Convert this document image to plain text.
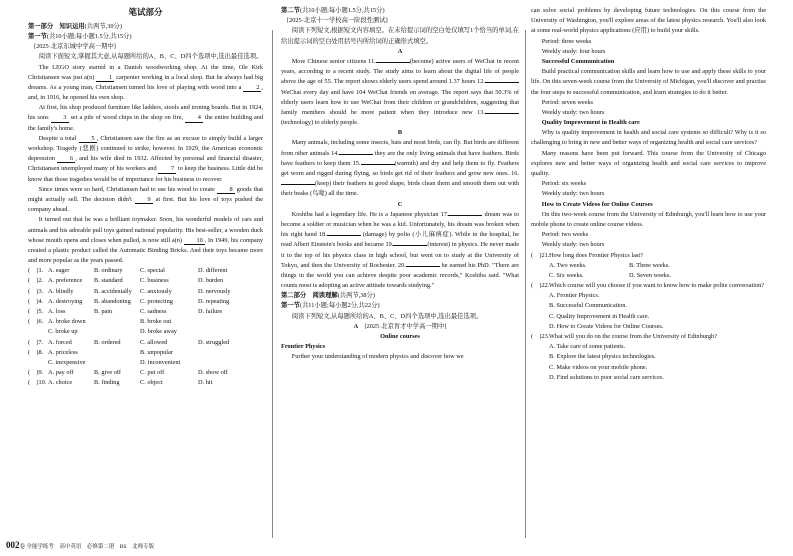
笔试部分

第一部分　知识运用(共两节,30分)

第一节(共10小题;每小题1.5分,共15分)

[2025·北京东城中学高一期中]

阅读下面短文,掌握其大意,从每题所给的A、B、C、D四个选项中,选出最佳选项。

The LEGO story started in a Danish woodworking shop. At the time, Ole Kirk Christiansen was just a(n) 1 carpenter working in a local shop. But he always had big dreams. As a young man, Christiansen turned his love of playing with wood into a 2 , and, in 1916, he opened his own shop.

At first, his shop produced furniture like ladders, stools and ironing boards. But in 1924, his sons 3 set a pile of wood chips in the shop on fire, 4 the entire building and the family's home.

Despite a total 5 , Christiansen saw the fire as an excuse to simply build a larger workshop. Tragedy (悲剧) continued to strike, however. In 1929, the American economic depression 6 , and his wife died in 1932. Affected by personal and financial disaster, Christiansen unemployed many of his workers and 7 to keep the business. Little did he know that those tragedies would be of importance for his business to recover.

Since times were so hard, Christiansen had to use his wood to create 8 goods that might actually sell. The decision didn't 9 at first. But his love of toys pushed the company ahead.

It turned out that he was a brilliant toymaker. Soon, his wonderful models of cars and animals and his adorable pull toys gained national popularity. His best-seller, a wooden duck whose mouth opens and closes when pulled, is now still a(n) 10 . In 1949, his company created a plastic product called the Automatic Binding Bricks. And their toys became more and more popular as the years passed.

(　)1. A. eager	B. ordinary	C. special	D. different
(　)2. A. preference	B. standard	C. business	D. burden
(　)3. A. blindly	B. accidentally	C. anxiously	D. nervously
(　)4. A. destroying	B. abandoning	C. protecting	D. repeating
(　)5. A. loss	B. pain	C. sadness	D. failure
(　)6. A. broke down	B. broke out
C. broke up	D. broke away
(　)7. A. forced	B. ordered	C. allowed	D. struggled
(　)8. A. priceless	B. unpopular
C. inexpensive	D. inconvenient
(　)9. A. pay off	B. give off	C. put off	D. show off
(　)10. A. choice	B. finding	C. object	D. hit

第二节(共10小题;每小题1.5分,共15分)

[2025·北京十一学校高一阶段性测试]

阅读下列短文,根据短文内容填空。在未给提示词的空白处仅填写1个恰当的单词,在给出提示词的空白处用括号内所给词的正确形式填空。

A

More Chinese senior citizens 11.	(become) active users of WeChat in recent years, according to a recent study. The study aims to learn about the digital life of people above the age of 55. The report shows elderly users spend around 1.37 hours 12. WeChat every day and have 104 WeChat friends on average. The report says that 50.3% of elderly users learn how to use WeChat from their children or grandchildren, suggesting that family members should be more patient when they introduce new 13.(technology) to elderly people.

B

Many animals, including some insects, bats and most birds, can fly. But birds are different from other animals 14.	they are the only living animals that have feathers. Birds have feathers to keep them 15.	(warmth) and dry and help them to fly. Feathers get worn and rigged during flying, so birds get rid of their feathers and grow new ones. 16.(keep) their feathers in good shape, birds clean them and smooth them out with their beaks (鸟喙) all the time.

C

Koshiba had a legendary life. He is a Japanese physician 17.	dream was to become a soldier or musician when he was a kid. Unfortunately, his dream was broken when his right hand 18.	(damage) by polio (小儿麻痹症). While in the hospital, he read Albert Einstein's books and became 19.	(interest) in physics. He never made it to the top of his physics class in high school, but went on to study at the University of Tokyo, and then the University of Rochester. 20.	he earned his PhD. "There are things in the world you can achieve despite poor academic records," Koshiba said. "What counts most is adopting an active attitude towards studying."

第二部分　阅读理解(共两节,38分)

第一节(共11小题;每小题2分,共22分)

阅读下列短文,从每题所给的A、B、C、D四个选项中,选出最佳选项。

A　 [2025·北京育才中学高一期中]

Online courses

Frontier Physics

Further your understanding of modern physics and discover how we

can solve social problems by developing future technologies. On this course from the University of Washington, you'll explore areas of the latest physics research. You'll also look at some real-world physics applications (应用) to build your skills.

Period: three weeks

Weekly study: four hours

Successful Communication

Build practical communication skills and learn how to use and apply these skills to your life. On this seven-week course from the University of Michigan, you'll discover and practise the four steps to successful communication, and learn strategies to do it better.

Period: seven weeks

Weekly study: two hours

Quality Improvement in Health care

Why is quality improvement in health and social care systems so difficult? Why is it so challenging to bring in new and better ways of organizing health and social care services?

Many reasons have been put forward. This course from the University of Chicago explores new and better ways of organizing health and social care services to improve quality.

Period: six weeks

Weekly study: two hours

How to Create Videos for Online Courses

On this two-week course from the University of Edinburgh, you'll learn how to use your mobile phone to create online course videos.

Period: two weeks

Weekly study: two hours

(　)21. How long does Frontier Physics last?
A. Two weeks.	B. Three weeks.
C. Six weeks.	D. Seven weeks.
(　)22. Which course will you choose if you want to know how to make polite conversation?
A. Frontier Physics.
B. Successful Communication.
C. Quality Improvement in Health care.
D. How to Create Videos for Online Courses.
(　)23. What will you do on the course from the University of Edinburgh?
A. Take care of some patients.
B. Explore the latest physics technologies.
C. Make videos on your mobile phone.
D. Find solutions to poor social care services.
002卷 全能学练考　高中英语　必修第二册　BS　北师专版
